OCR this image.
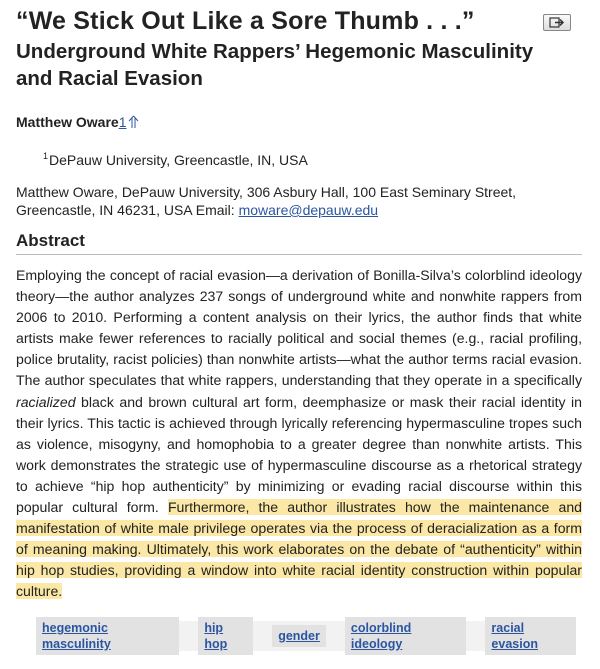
“We Stick Out Like a Sore Thumb . . .”
Underground White Rappers’ Hegemonic Masculinity
and Racial Evasion
Matthew Oware1
$^1$DePauw University, Greencastle, IN, USA
Matthew Oware, DePauw University, 306 Asbury Hall, 100 East Seminary Street, Greencastle, IN 46231, USA Email: moware@depauw.edu
Abstract
Employing the concept of racial evasion—a derivation of Bonilla-Silva’s colorblind ideology theory—the author analyzes 237 songs of underground white and nonwhite rappers from 2006 to 2010. Performing a content analysis on their lyrics, the author finds that white artists make fewer references to racially political and social themes (e.g., racial profiling, police brutality, racist policies) than nonwhite artists—what the author terms racial evasion. The author speculates that white rappers, understanding that they operate in a specifically racialized black and brown cultural art form, deemphasize or mask their racial identity in their lyrics. This tactic is achieved through lyrically referencing hypermasculine tropes such as violence, misogyny, and homophobia to a greater degree than nonwhite artists. This work demonstrates the strategic use of hypermasculine discourse as a rhetorical strategy to achieve “hip hop authenticity” by minimizing or evading racial discourse within this popular cultural form. Furthermore, the author illustrates how the maintenance and manifestation of white male privilege operates via the process of deracialization as a form of meaning making. Ultimately, this work elaborates on the debate of “authenticity” within hip hop studies, providing a window into white racial identity construction within popular culture.
hegemonic masculinity
hip hop
gender
colorblind ideology
racial evasion
